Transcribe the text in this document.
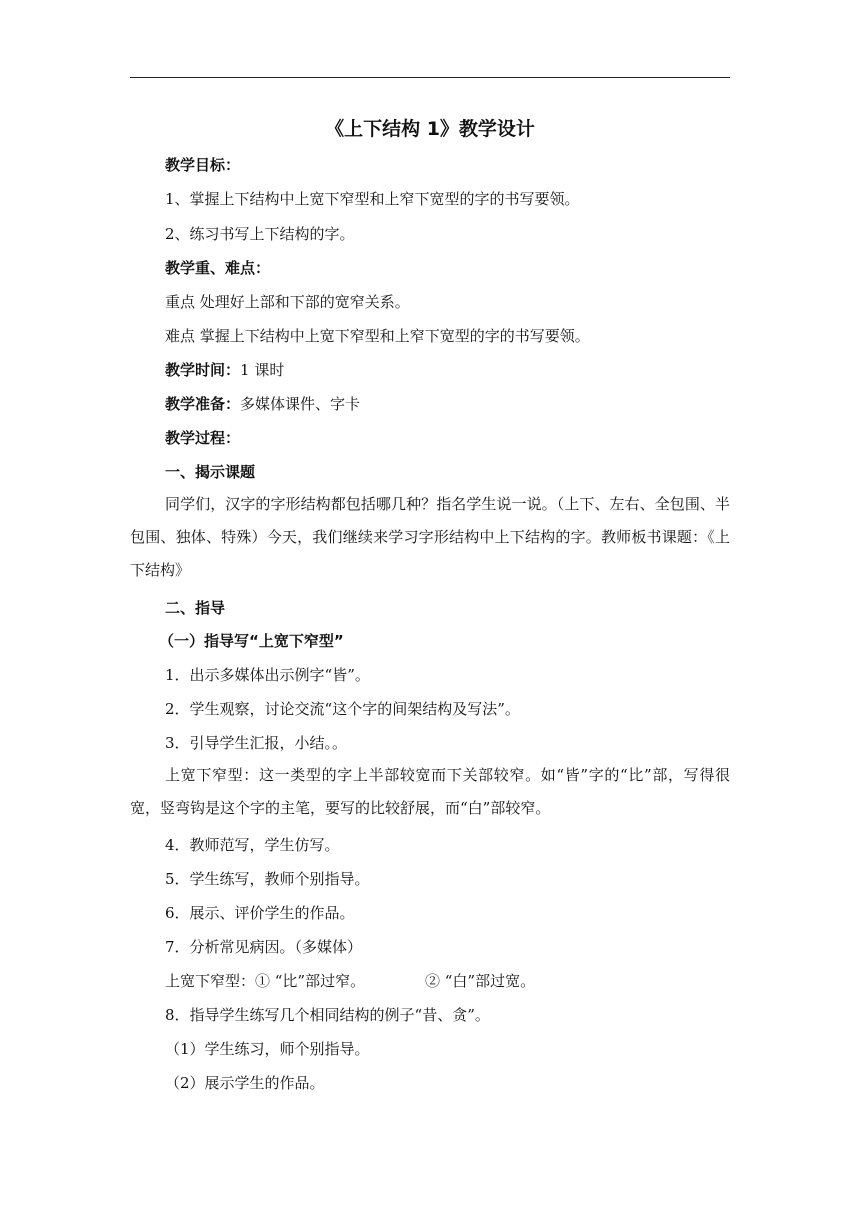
《上下结构 1》教学设计
教学目标：
1、掌握上下结构中上宽下窄型和上窄下宽型的字的书写要领。
2、练习书写上下结构的字。
教学重、难点：
重点 处理好上部和下部的宽窄关系。
难点 掌握上下结构中上宽下窄型和上窄下宽型的字的书写要领。
教学时间：1 课时
教学准备：多媒体课件、字卡
教学过程：
一、揭示课题
同学们，汉字的字形结构都包括哪几种？指名学生说一说。（上下、左右、全包围、半包围、独体、特殊）今天，我们继续来学习字形结构中上下结构的字。教师板书课题：《上下结构》
二、指导
（一）指导写“上宽下窄型”
1．出示多媒体出示例字“皆”。
2．学生观察，讨论交流“这个字的间架结构及写法”。
3．引导学生汇报，小结。。
上宽下窄型：这一类型的字上半部较宽而下关部较窄。如“皆”字的“比”部，写得很宽，竖弯钩是这个字的主笔，要写的比较舒展，而“白”部较窄。
4．教师范写，学生仿写。
5．学生练写，教师个别指导。
6．展示、评价学生的作品。
7．分析常见病因。（多媒体）
上宽下窄型：① “比”部过窄。	② “白”部过宽。
8．指导学生练写几个相同结构的例子“昔、贪”。
（1）学生练习，师个别指导。
（2）展示学生的作品。
